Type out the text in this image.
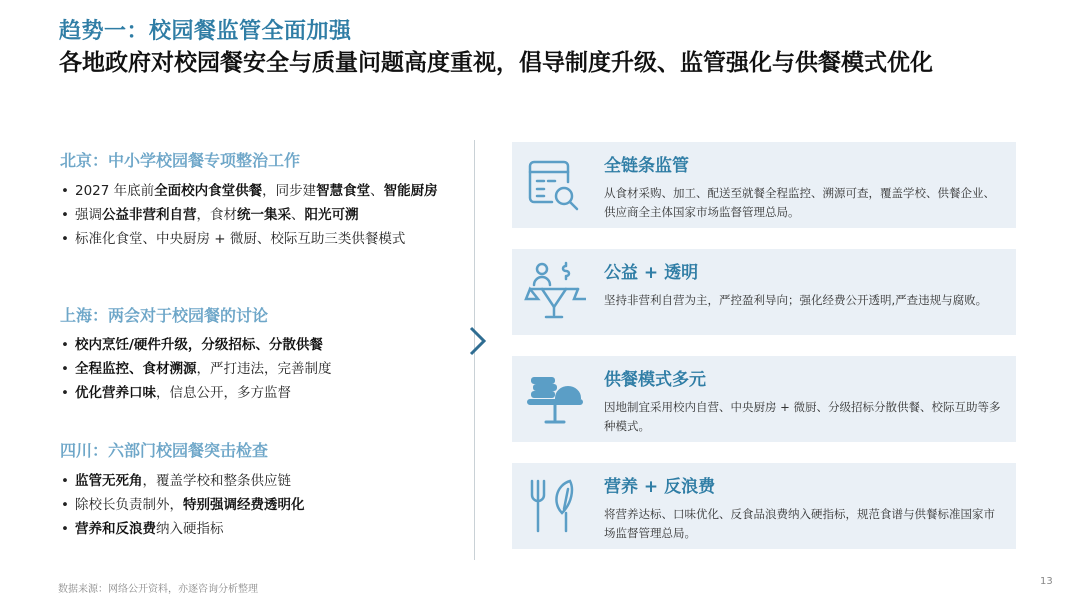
趋势一：校园餐监管全面加强
各地政府对校园餐安全与质量问题高度重视，倡导制度升级、监管强化与供餐模式优化
北京：中小学校园餐专项整治工作
• 2027 年底前全面校内食堂供餐，同步建智慧食堂、智能厨房
• 强调公益非营利自营，食材统一集采、阳光可溯
• 标准化食堂、中央厨房 + 微厨、校际互助三类供餐模式
上海：两会对于校园餐的讨论
• 校内烹饪/硬件升级，分级招标、分散供餐
• 全程监控、食材溯源，严打违法，完善制度
• 优化营养口味，信息公开，多方监督
四川：六部门校园餐突击检查
• 监管无死角，覆盖学校和整条供应链
• 除校长负责制外，特别强调经费透明化
• 营养和反浪费纳入硬指标
全链条监管
从食材采购、加工、配送至就餐全程监控、溯源可查，覆盖学校、供餐企业、供应商全主体国家市场监督管理总局。
公益 + 透明
坚持非营利自营为主，严控盈利导向；强化经费公开透明,严查违规与腐败。
供餐模式多元
因地制宜采用校内自营、中央厨房 + 微厨、分级招标分散供餐、校际互助等多种模式。
营养 + 反浪费
将营养达标、口味优化、反食品浪费纳入硬指标，规范食谱与供餐标准国家市场监督管理总局。
数据来源：网络公开资料，亦逐咨询分析整理
13
